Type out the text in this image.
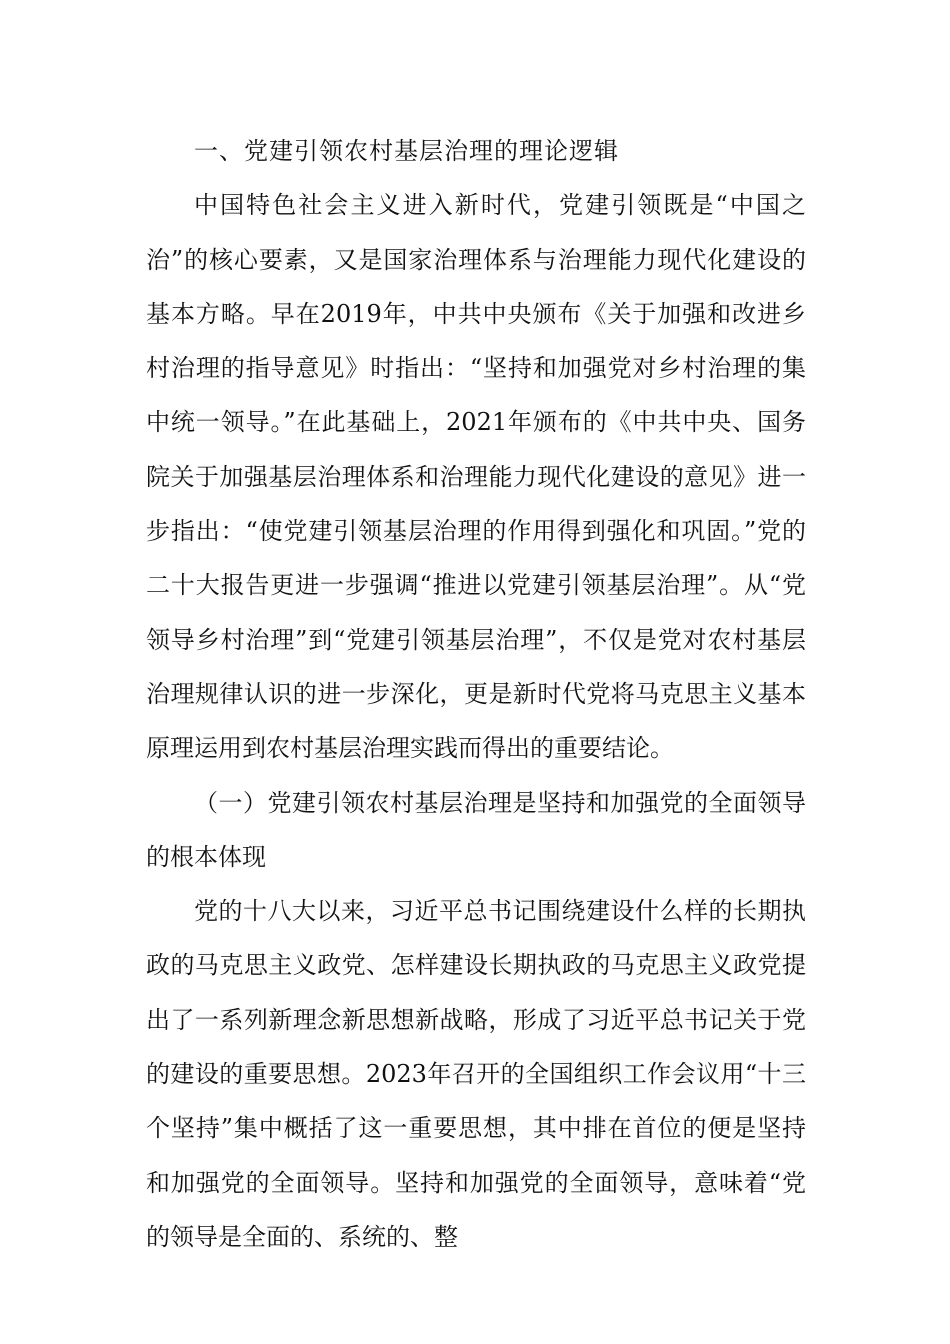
一、党建引领农村基层治理的理论逻辑

中国特色社会主义进入新时代，党建引领既是“中国之治”的核心要素，又是国家治理体系与治理能力现代化建设的基本方略。早在2019年，中共中央颁布《关于加强和改进乡村治理的指导意见》时指出：“坚持和加强党对乡村治理的集中统一领导。”在此基础上，2021年颁布的《中共中央、国务院关于加强基层治理体系和治理能力现代化建设的意见》进一步指出：“使党建引领基层治理的作用得到强化和巩固。”党的二十大报告更进一步强调“推进以党建引领基层治理”。从“党领导乡村治理”到“党建引领基层治理”，不仅是党对农村基层治理规律认识的进一步深化，更是新时代党将马克思主义基本原理运用到农村基层治理实践而得出的重要结论。

（一）党建引领农村基层治理是坚持和加强党的全面领导的根本体现

党的十八大以来，习近平总书记围绕建设什么样的长期执政的马克思主义政党、怎样建设长期执政的马克思主义政党提出了一系列新理念新思想新战略，形成了习近平总书记关于党的建设的重要思想。2023年召开的全国组织工作会议用“十三个坚持”集中概括了这一重要思想，其中排在首位的便是坚持和加强党的全面领导。坚持和加强党的全面领导，意味着“党的领导是全面的、系统的、整
